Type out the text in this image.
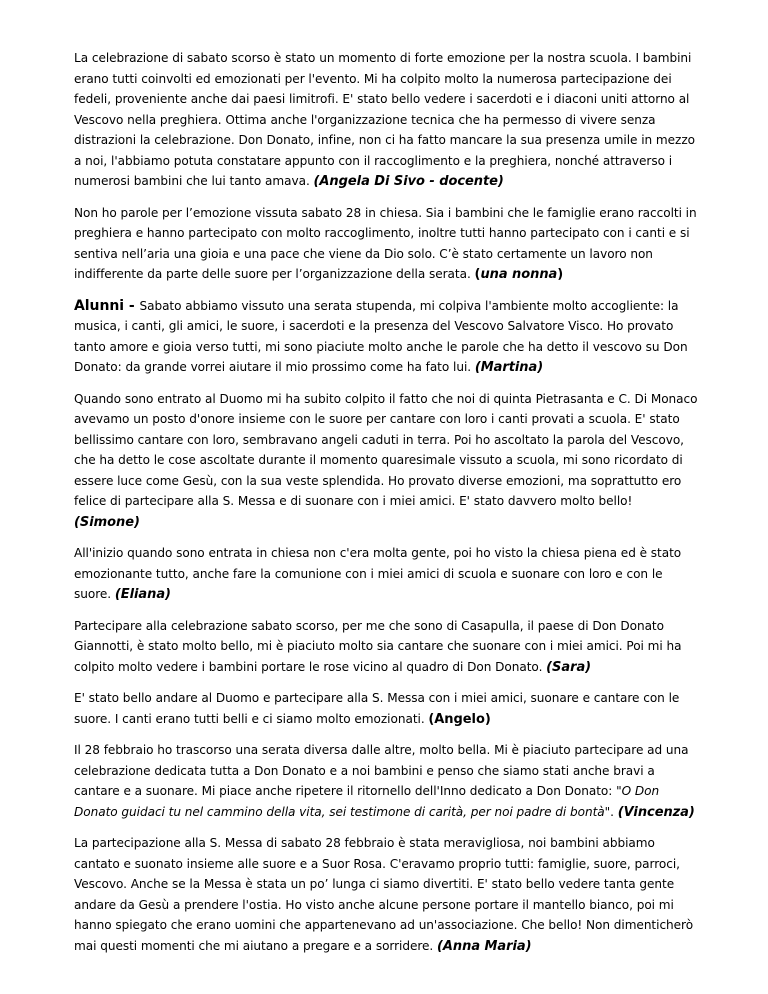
La celebrazione di sabato scorso è stato un momento di forte emozione per la nostra scuola. I bambini erano tutti coinvolti ed emozionati per l'evento. Mi ha colpito molto la numerosa partecipazione dei fedeli, proveniente anche dai paesi limitrofi. E' stato bello vedere i sacerdoti e i diaconi uniti attorno al Vescovo nella preghiera. Ottima anche l'organizzazione tecnica che ha permesso di vivere senza distrazioni la celebrazione. Don Donato, infine, non ci ha fatto mancare la sua presenza umile in mezzo a noi, l'abbiamo potuta constatare appunto con il raccoglimento e la preghiera, nonché attraverso i numerosi bambini che lui tanto amava. (Angela Di Sivo - docente)

Non ho parole per l’emozione vissuta sabato 28 in chiesa. Sia i bambini che le famiglie erano raccolti in preghiera e hanno partecipato con molto raccoglimento, inoltre tutti hanno partecipato con i canti e si sentiva nell’aria una gioia e una pace che viene da Dio solo. C’è stato certamente un lavoro non indifferente da parte delle suore per l’organizzazione della serata. (una nonna)

Alunni - Sabato abbiamo vissuto una serata stupenda, mi colpiva l'ambiente molto accogliente: la musica, i canti, gli amici, le suore, i sacerdoti e la presenza del Vescovo Salvatore Visco. Ho provato tanto amore e gioia verso tutti, mi sono piaciute molto anche le parole che ha detto il vescovo su Don Donato: da grande vorrei aiutare il mio prossimo come ha fato lui. (Martina)

Quando sono entrato al Duomo mi ha subito colpito il fatto che noi di quinta Pietrasanta e C. Di Monaco avevamo un posto d'onore insieme con le suore per cantare con loro i canti provati a scuola. E' stato bellissimo cantare con loro, sembravano angeli caduti in terra. Poi ho ascoltato la parola del Vescovo, che ha detto le cose ascoltate durante il momento quaresimale vissuto a scuola, mi sono ricordato di essere luce come Gesù, con la sua veste splendida. Ho provato diverse emozioni, ma soprattutto ero felice di partecipare alla S. Messa e di suonare con i miei amici. E' stato davvero molto bello! (Simone)

All'inizio quando sono entrata in chiesa non c'era molta gente, poi ho visto la chiesa piena ed è stato emozionante tutto, anche fare la comunione con i miei amici di scuola e suonare con loro e con le suore. (Eliana)

Partecipare alla celebrazione sabato scorso, per me che sono di Casapulla, il paese di Don Donato Giannotti, è stato molto bello, mi è piaciuto molto sia cantare che suonare con i miei amici. Poi mi ha colpito molto vedere i bambini portare le rose vicino al quadro di Don Donato. (Sara)

E' stato bello andare al Duomo e partecipare alla S. Messa con i miei amici, suonare e cantare con le suore. I canti erano tutti belli e ci siamo molto emozionati. (Angelo)

Il 28 febbraio ho trascorso una serata diversa dalle altre, molto bella. Mi è piaciuto partecipare ad una celebrazione dedicata tutta a Don Donato e a noi bambini e penso che siamo stati anche bravi a cantare e a suonare. Mi piace anche ripetere il ritornello dell'Inno dedicato a Don Donato: "O Don Donato guidaci tu nel cammino della vita, sei testimone di carità, per noi padre di bontà". (Vincenza)

La partecipazione alla S. Messa di sabato 28 febbraio è stata meravigliosa, noi bambini abbiamo cantato e suonato insieme alle suore e a Suor Rosa. C'eravamo proprio tutti: famiglie, suore, parroci, Vescovo. Anche se la Messa è stata un po’ lunga ci siamo divertiti. E' stato bello vedere tanta gente andare da Gesù a prendere l'ostia. Ho visto anche alcune persone portare il mantello bianco, poi mi hanno spiegato che erano uomini che appartenevano ad un'associazione. Che bello! Non dimenticherò mai questi momenti che mi aiutano a pregare e a sorridere. (Anna Maria)
